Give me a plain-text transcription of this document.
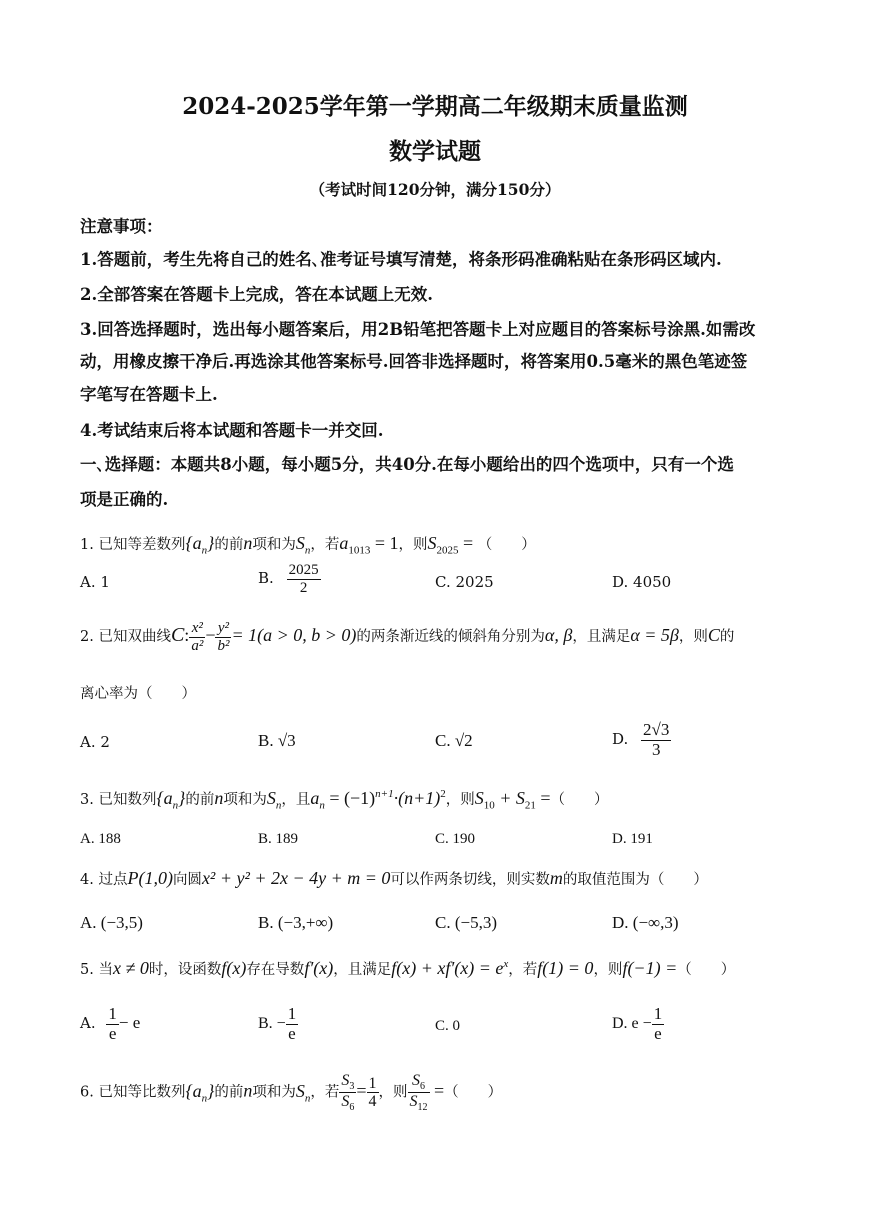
2024-2025学年第一学期高二年级期末质量监测
数学试题
（考试时间120分钟，满分150分）
注意事项：
1.答题前，考生先将自己的姓名､准考证号填写清楚，将条形码准确粘贴在条形码区域内.
2.全部答案在答题卡上完成，答在本试题上无效.
3.回答选择题时，选出每小题答案后，用2B铅笔把答题卡上对应题目的答案标号涂黑.如需改
动，用橡皮擦干净后.再选涂其他答案标号.回答非选择题时，将答案用0.5毫米的黑色笔迹签
字笔写在答题卡上.
4.考试结束后将本试题和答题卡一并交回.
一､选择题：本题共8小题，每小题5分，共40分.在每小题给出的四个选项中，只有一个选
项是正确的.
1. 已知等差数列$\{a_n\}$的前n项和为$S_n$，若$a_{1013} = 1$，则$S_{2025}$ = （　　）
A. 1	B. $\frac{2025}{2}$	C. 2025	D. 4050
2. 已知双曲线C: $\frac{\text{x²}}{\text{a²}} - \frac{\text{y²}}{\text{b²}} = 1(a > 0$, b > 0)的两条渐近线的倾斜角分别为α, β，且满足α = 5β，则C的
离心率为（　　）
A. 2	B. √3	C. √2	D. $\frac{2√3}{3}$
3. 已知数列$\{a_n\}$的前n项和为$S_n$，且$a_n = (-1)^{n+1}\cdot(n+1)^2$，则$S_{10} + S_{21}$ =（　　）
A. 188	B. 189	C. 190	D. 191
4. 过点P(1,0)向圆x² + y² + 2x − 4y + m = 0可以作两条切线，则实数m的取值范围为（　　）
A. (−3,5)	B. (−3,+∞)	C. (−5,3)	D. (−∞,3)
5. 当x ≠ 0时，设函数f(x)存在导数f′(x)，且满足$f(x) + xf'(x) = e^x$，若f(1) = 0，则f(−1) =（　　）
A. $\frac{1}{e} - e$	B. − $\frac{1}{e}$	C. 0	D. $e - \frac{1}{e}$
6. 已知等比数列$\{a_n\}$的前n项和为$S_n$，若 $\frac{S_3}{S_6} = \frac{1}{4}$ ，则 $\frac{S_6}{S_{12}}$ =（　　）
